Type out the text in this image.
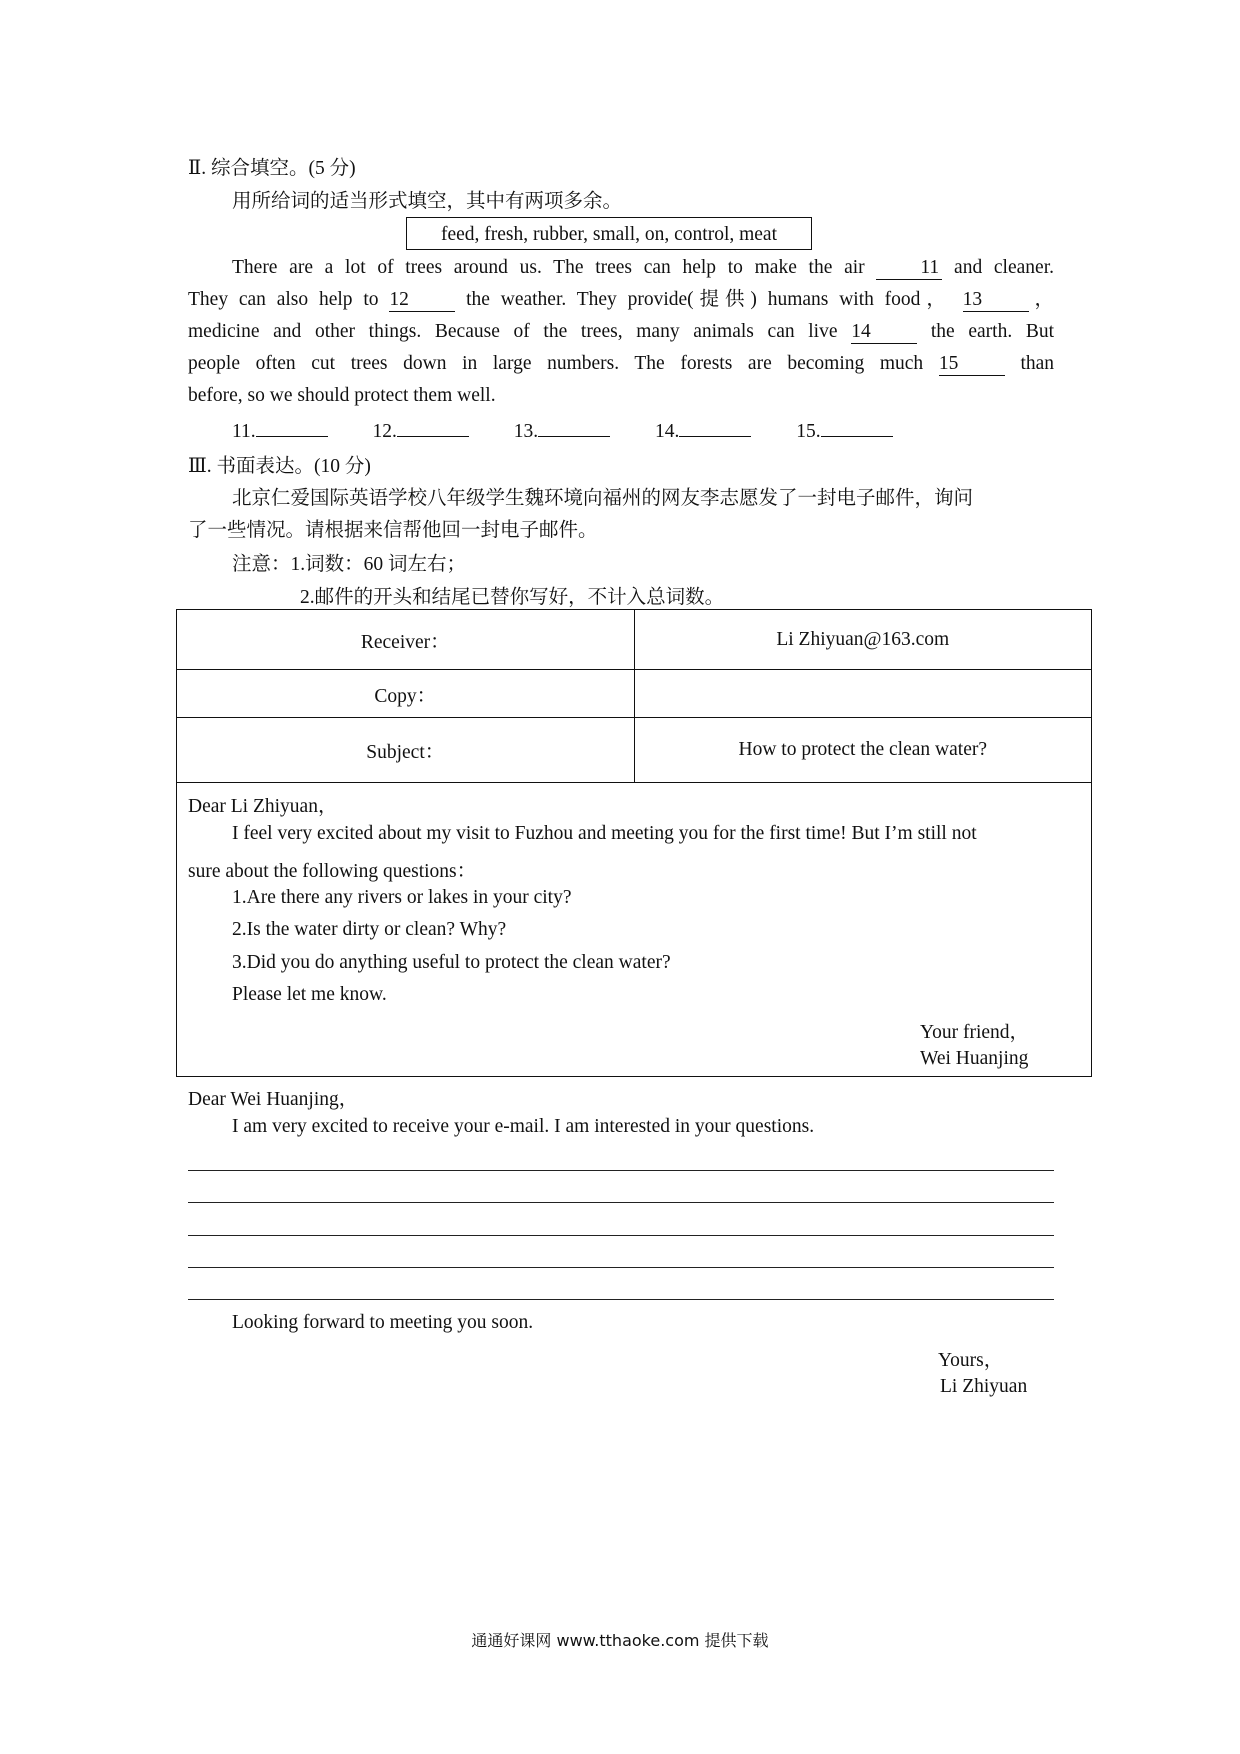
Ⅱ. 综合填空。(5 分)
用所给词的适当形式填空，其中有两项多余。
feed, fresh, rubber, small, on, control, meat
There are a lot of trees around us. The trees can help to make the air	11 and cleaner.
They can also help to 12	the weather. They provide(提供) humans with food， 13 ，
medicine and other things. Because of the trees, many animals can live 14	the earth. But
people often cut trees down in large numbers. The forests are becoming much 15	than
before, so we should protect them well.
11.	12.	13.	14.	15.
Ⅲ. 书面表达。(10 分)
北京仁爱国际英语学校八年级学生魏环境向福州的网友李志愿发了一封电子邮件，询问
了一些情况。请根据来信帮他回一封电子邮件。
注意：1.词数：60 词左右；
2.邮件的开头和结尾已替你写好，不计入总词数。
Receiver：	Li Zhiyuan@163.com
Copy：	
Subject：	How to protect the clean water?
Dear Li Zhiyuan，
I feel very excited about my visit to Fuzhou and meeting you for the first time! But I’m still not
sure about the following questions：
1.Are there any rivers or lakes in your city?
2.Is the water dirty or clean? Why?
3.Did you do anything useful to protect the clean water?
Please let me know.
Your friend，
Wei Huanjing
Dear Wei Huanjing，
I am very excited to receive your e-mail. I am interested in your questions.
Looking forward to meeting you soon.
Yours，
Li Zhiyuan
通通好课网 www.tthaoke.com 提供下载
